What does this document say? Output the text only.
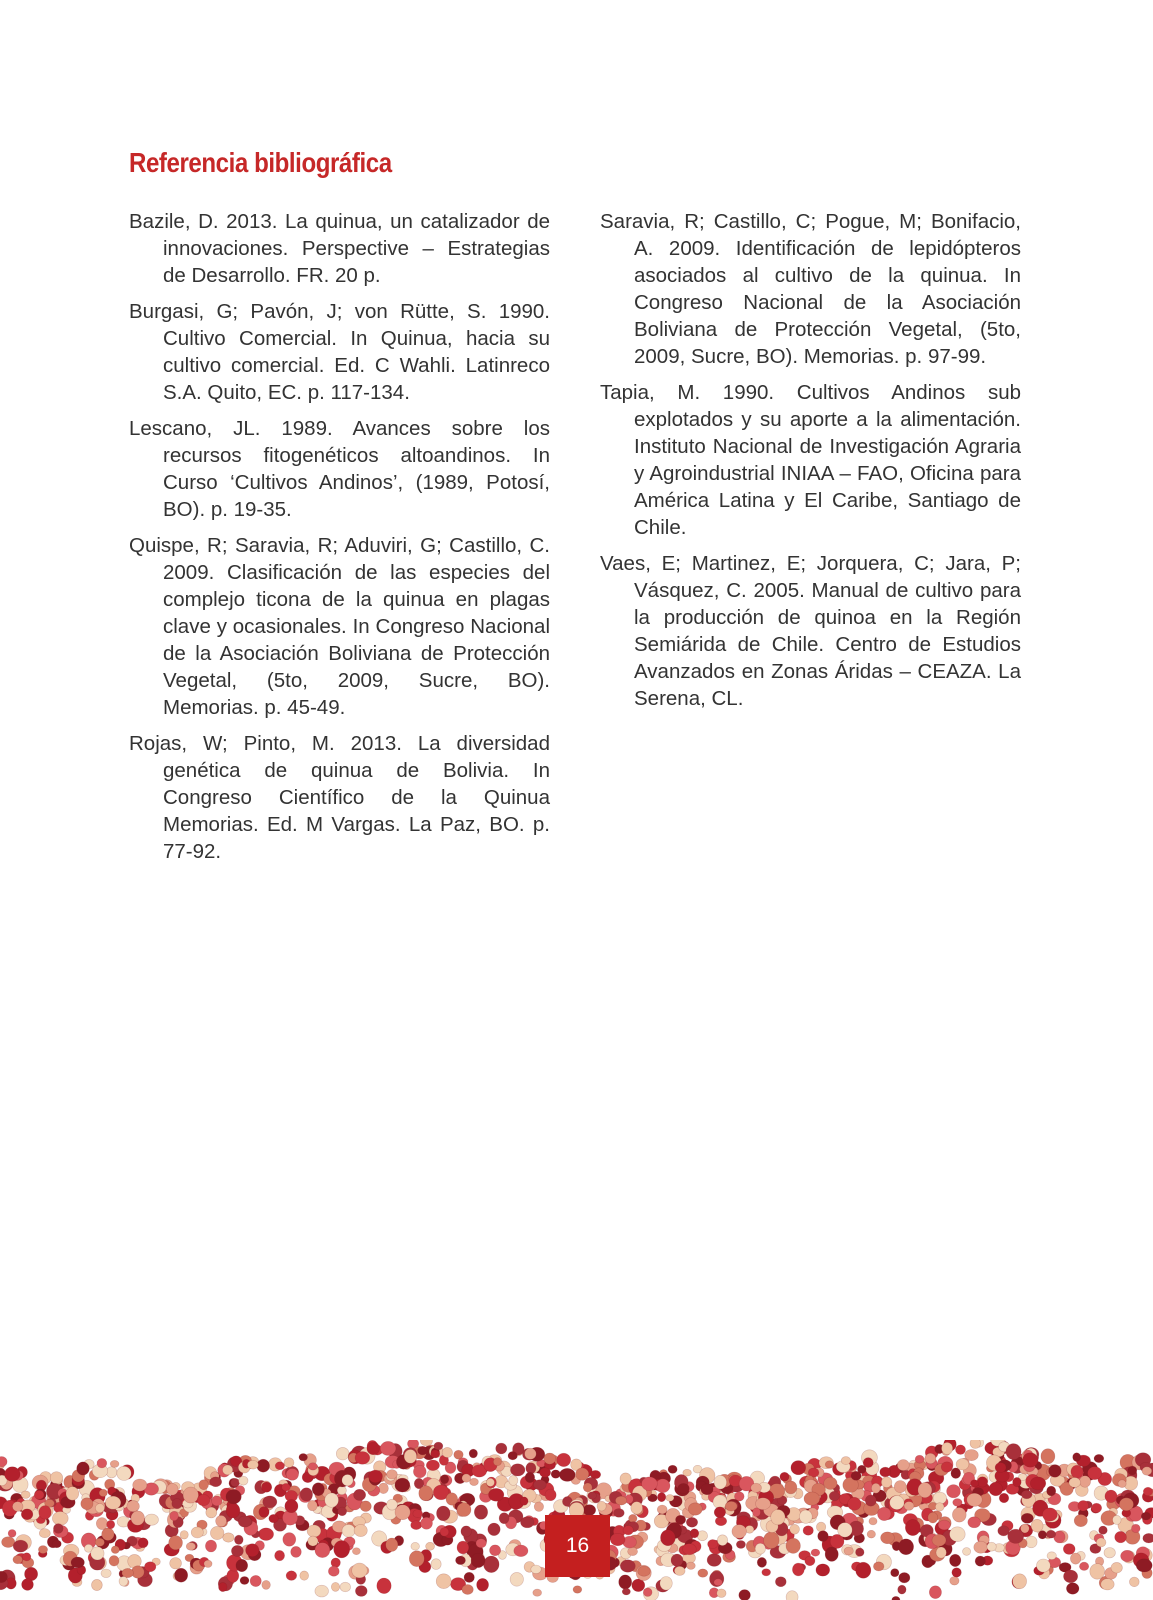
Referencia bibliográfica

Bazile, D. 2013. La quinua, un catalizador de innovaciones. Perspective – Estrategias de Desarrollo. FR. 20 p.

Burgasi, G; Pavón, J; von Rütte, S. 1990. Cultivo Comercial. In Quinua, hacia su cultivo comercial. Ed. C Wahli. Latinreco S.A. Quito, EC. p. 117-134.

Lescano, JL. 1989. Avances sobre los recursos fitogenéticos altoandinos. In Curso ‘Cultivos Andinos’, (1989, Potosí, BO). p. 19-35.

Quispe, R; Saravia, R; Aduviri, G; Castillo, C. 2009. Clasificación de las especies del complejo ticona de la quinua en plagas clave y ocasionales. In Congreso Nacional de la Asociación Boliviana de Protección Vegetal, (5to, 2009, Sucre, BO). Memorias. p. 45-49.

Rojas, W; Pinto, M. 2013. La diversidad genética de quinua de Bolivia. In Congreso Científico de la Quinua Memorias. Ed. M Vargas. La Paz, BO. p. 77-92.

Saravia, R; Castillo, C; Pogue, M; Bonifacio, A. 2009. Identificación de lepidópteros asociados al cultivo de la quinua. In Congreso Nacional de la Asociación Boliviana de Protección Vegetal, (5to, 2009, Sucre, BO). Memorias. p. 97-99.

Tapia, M. 1990. Cultivos Andinos sub explotados y su aporte a la alimentación. Instituto Nacional de Investigación Agraria y Agroindustrial INIAA – FAO, Oficina para América Latina y El Caribe, Santiago de Chile.

Vaes, E; Martinez, E; Jorquera, C; Jara, P; Vásquez, C. 2005. Manual de cultivo para la producción de quinoa en la Región Semiárida de Chile. Centro de Estudios Avanzados en Zonas Áridas – CEAZA. La Serena, CL.

16
